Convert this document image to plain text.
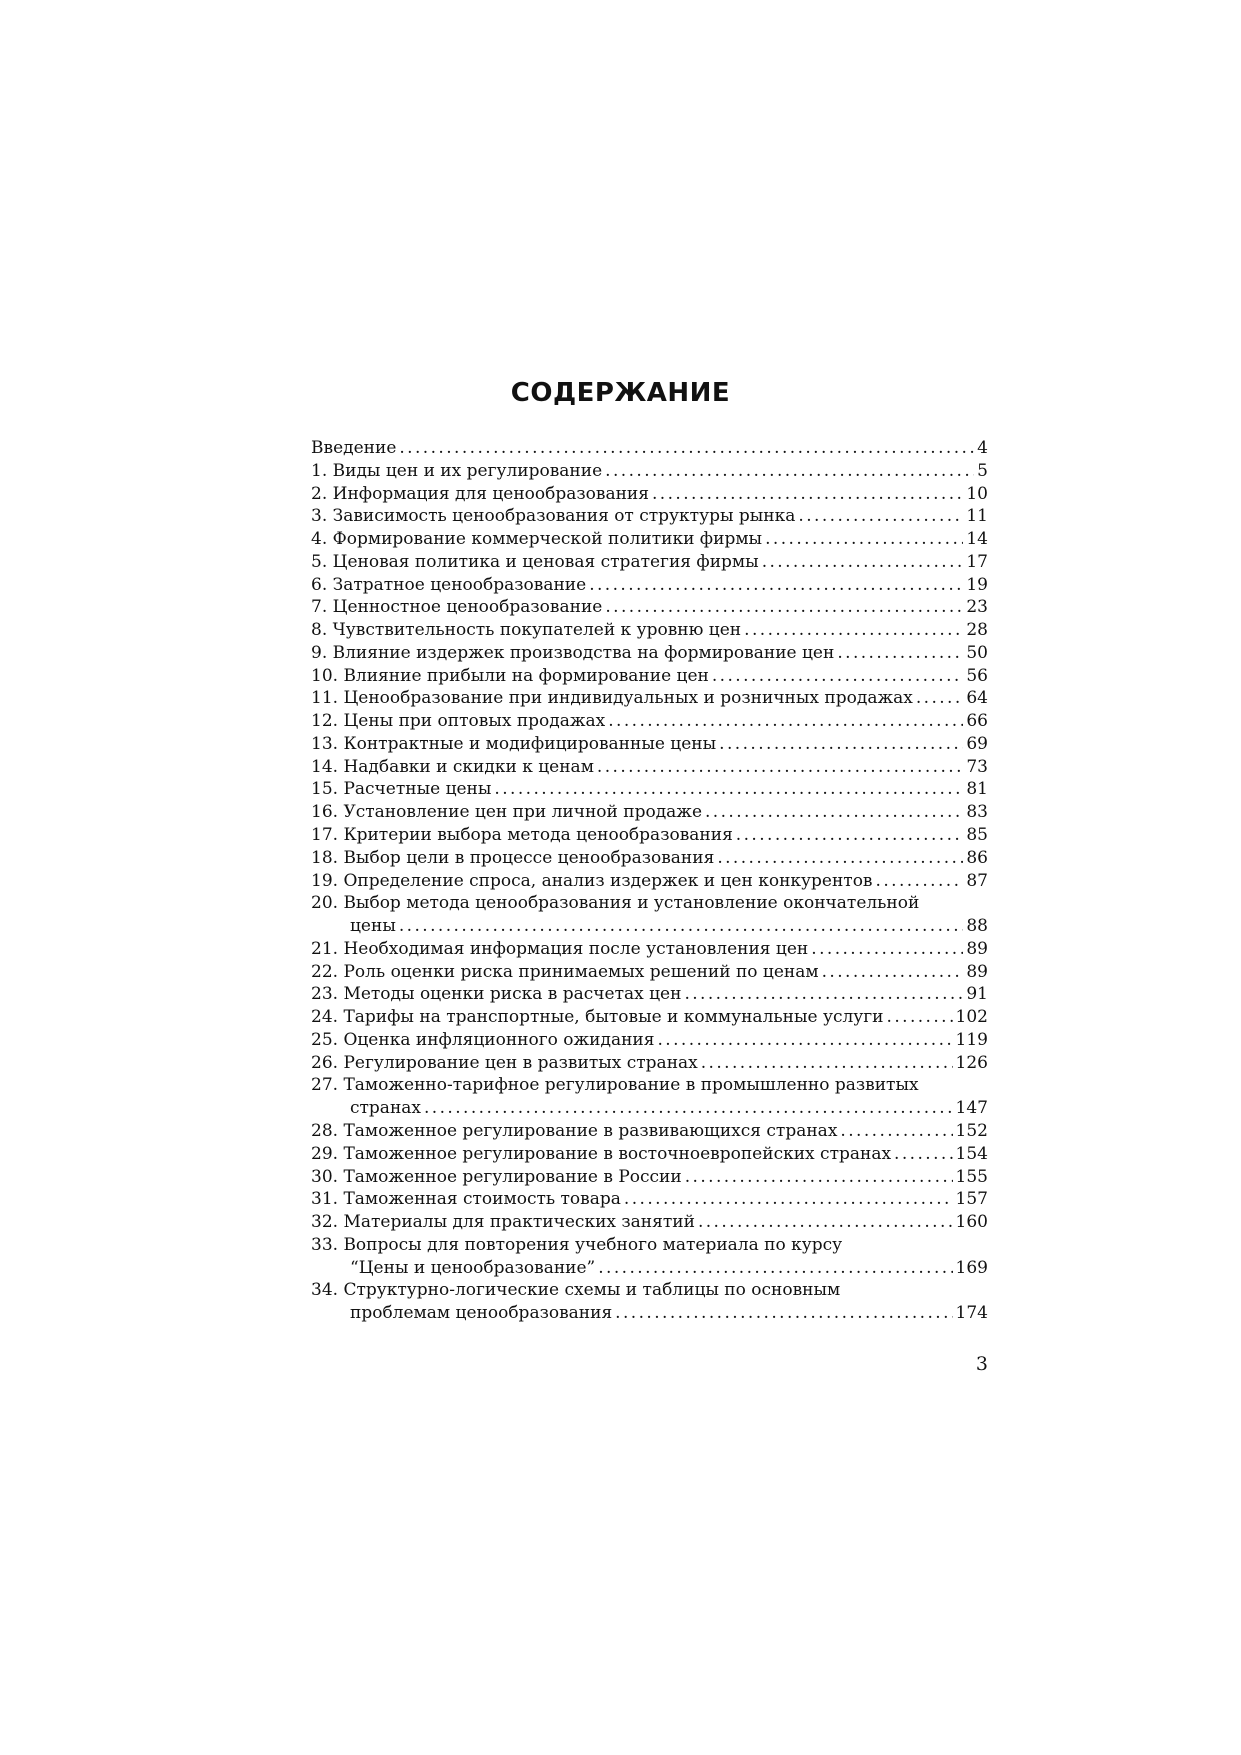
СОДЕРЖАНИЕ
Введение . . .	4
1. Виды цен и их регулирование . . .	5
2. Информация для ценообразования . . .	10
3. Зависимость ценообразования от структуры рынка . . .	11
4. Формирование коммерческой политики фирмы . . .	14
5. Ценовая политика и ценовая стратегия фирмы . . .	17
6. Затратное ценообразование . . .	19
7. Ценностное ценообразование . . .	23
8. Чувствительность покупателей к уровню цен . . .	28
9. Влияние издержек производства на формирование цен . . .	50
10. Влияние прибыли на формирование цен . . .	56
11. Ценообразование при индивидуальных и розничных продажах . . .	64
12. Цены при оптовых продажах . . .	66
13. Контрактные и модифицированные цены . . .	69
14. Надбавки и скидки к ценам . . .	73
15. Расчетные цены . . .	81
16. Установление цен при личной продаже . . .	83
17. Критерии выбора метода ценообразования . . .	85
18. Выбор цели в процессе ценообразования . . .	86
19. Определение спроса, анализ издержек и цен конкурентов . . .	87
20. Выбор метода ценообразования и установление окончательной
цены . . .	88
21. Необходимая информация после установления цен . . .	89
22. Роль оценки риска принимаемых решений по ценам . . .	89
23. Методы оценки риска в расчетах цен . . .	91
24. Тарифы на транспортные, бытовые и коммунальные услуги . . .	102
25. Оценка инфляционного ожидания . . .	119
26. Регулирование цен в развитых странах . . .	126
27. Таможенно-тарифное регулирование в промышленно развитых
странах . . .	147
28. Таможенное регулирование в развивающихся странах . . .	152
29. Таможенное регулирование в восточноевропейских странах . . .	154
30. Таможенное регулирование в России . . .	155
31. Таможенная стоимость товара . . .	157
32. Материалы для практических занятий . . .	160
33. Вопросы для повторения учебного материала по курсу
“Цены и ценообразование” . . .	169
34. Структурно-логические схемы и таблицы по основным
проблемам ценообразования . . .	174
3
